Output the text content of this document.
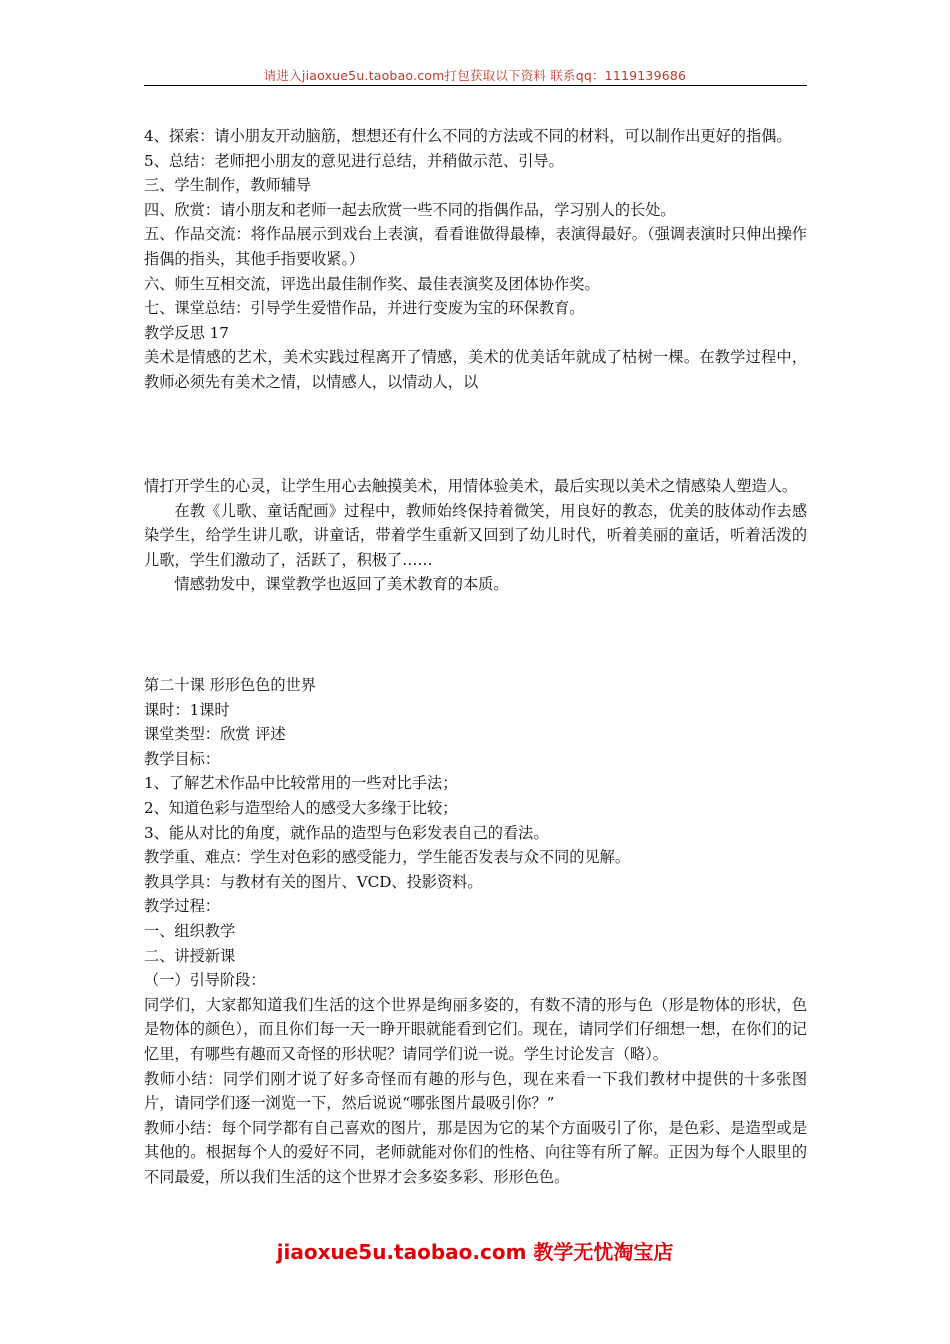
请进入jiaoxue5u.taobao.com打包获取以下资料 联系qq：1119139686

4、探索：请小朋友开动脑筋，想想还有什么不同的方法或不同的材料，可以制作出更好的指偶。

5、总结：老师把小朋友的意见进行总结，并稍做示范、引导。

三、学生制作，教师辅导

四、欣赏：请小朋友和老师一起去欣赏一些不同的指偶作品，学习别人的长处。

五、作品交流：将作品展示到戏台上表演，看看谁做得最棒，表演得最好。（强调表演时只伸出操作指偶的指头，其他手指要收紧。）

六、师生互相交流，评选出最佳制作奖、最佳表演奖及团体协作奖。

七、课堂总结：引导学生爱惜作品，并进行变废为宝的环保教育。

教学反思 17

美术是情感的艺术，美术实践过程离开了情感，美术的优美话年就成了枯树一棵。在教学过程中，教师必须先有美术之情，以情感人，以情动人，以

情打开学生的心灵，让学生用心去触摸美术，用情体验美术，最后实现以美术之情感染人塑造人。

在教《儿歌、童话配画》过程中，教师始终保持着微笑，用良好的教态，优美的肢体动作去感染学生，给学生讲儿歌，讲童话，带着学生重新又回到了幼儿时代，听着美丽的童话，听着活泼的儿歌，学生们激动了，活跃了，积极了……

情感勃发中，课堂教学也返回了美术教育的本质。

第二十课 形形色色的世界

课时：1课时

课堂类型：欣赏 评述

教学目标：

1、了解艺术作品中比较常用的一些对比手法；

2、知道色彩与造型给人的感受大多缘于比较；

3、能从对比的角度，就作品的造型与色彩发表自己的看法。

教学重、难点：学生对色彩的感受能力，学生能否发表与众不同的见解。

教具学具：与教材有关的图片、VCD、投影资料。

教学过程：

一、组织教学

二、讲授新课

（一）引导阶段：

同学们，大家都知道我们生活的这个世界是绚丽多姿的，有数不清的形与色（形是物体的形状，色是物体的颜色），而且你们每一天一睁开眼就能看到它们。现在，请同学们仔细想一想，在你们的记忆里，有哪些有趣而又奇怪的形状呢？请同学们说一说。学生讨论发言（略）。

教师小结：同学们刚才说了好多奇怪而有趣的形与色，现在来看一下我们教材中提供的十多张图片，请同学们逐一浏览一下，然后说说“哪张图片最吸引你？”

教师小结：每个同学都有自己喜欢的图片，那是因为它的某个方面吸引了你，是色彩、是造型或是其他的。根据每个人的爱好不同，老师就能对你们的性格、向往等有所了解。正因为每个人眼里的不同最爱，所以我们生活的这个世界才会多姿多彩、形形色色。

jiaoxue5u.taobao.com 教学无忧淘宝店
